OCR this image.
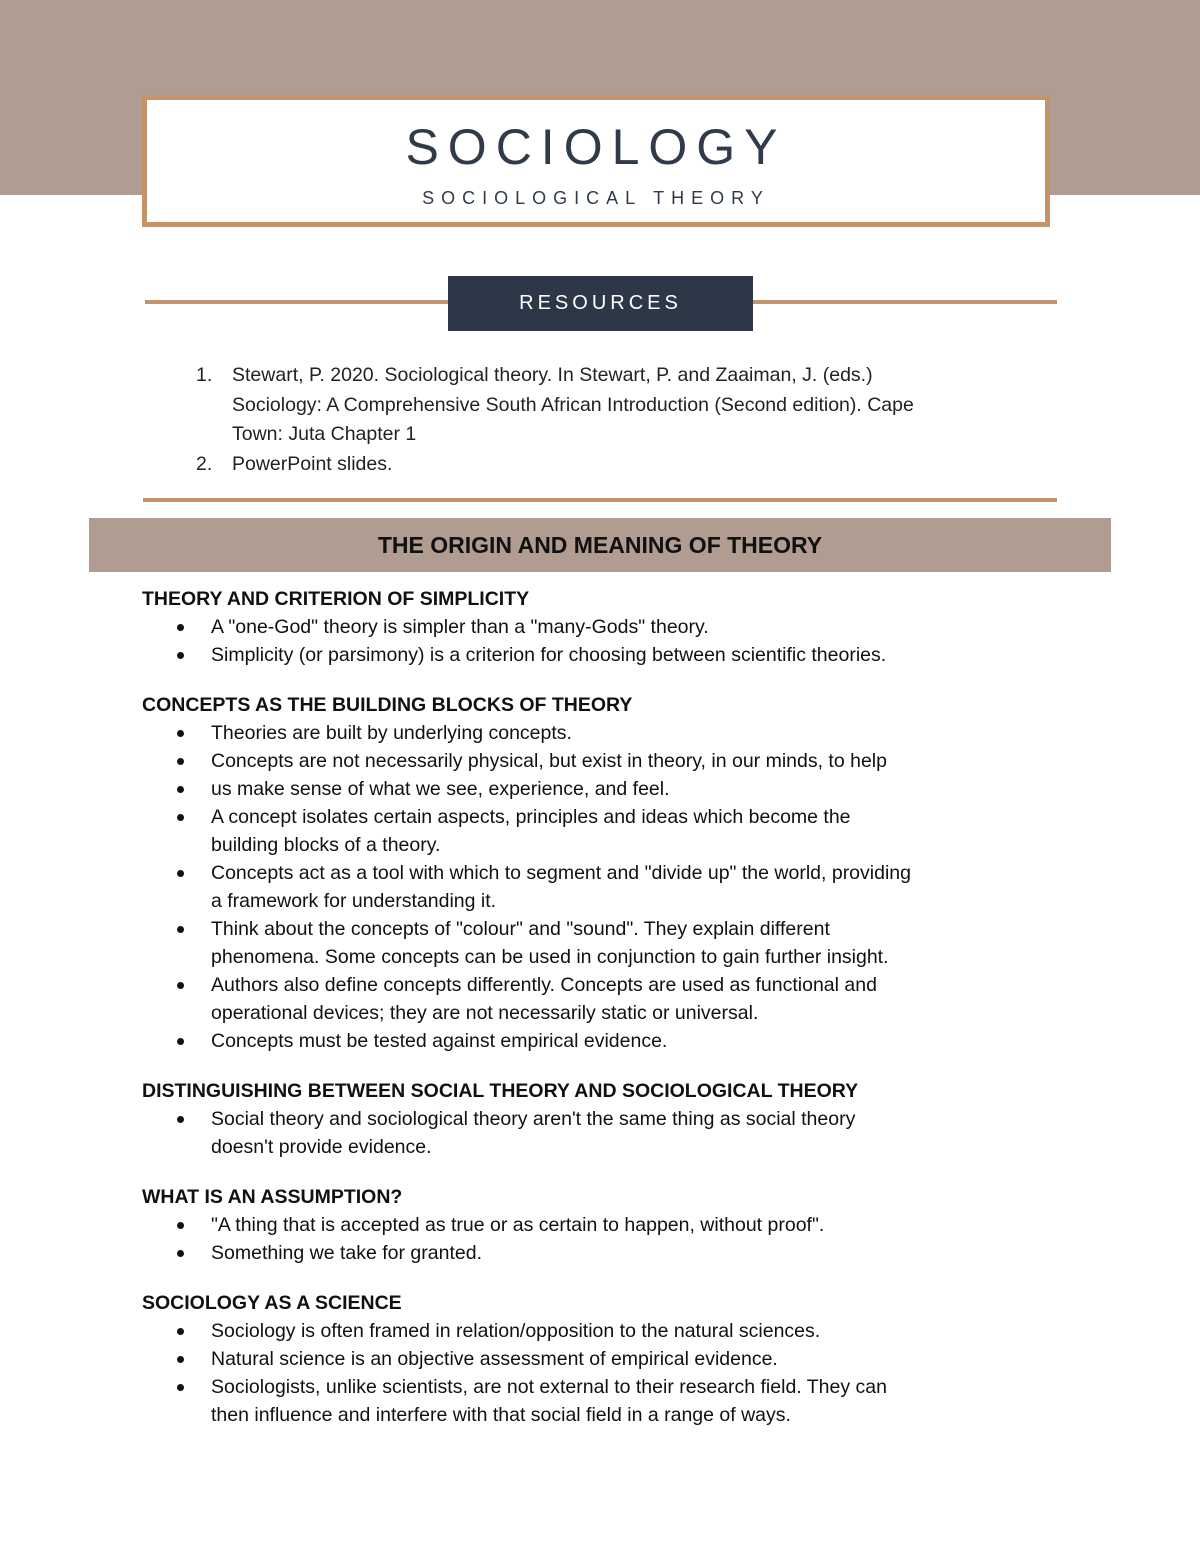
SOCIOLOGY
SOCIOLOGICAL THEORY
RESOURCES
1. Stewart, P. 2020. Sociological theory. In Stewart, P. and Zaaiman, J. (eds.)
Sociology: A Comprehensive South African Introduction (Second edition). Cape
Town: Juta Chapter 1
2. PowerPoint slides.
THE ORIGIN AND MEANING OF THEORY

THEORY AND CRITERION OF SIMPLICITY

A "one-God" theory is simpler than a "many-Gods" theory.
Simplicity (or parsimony) is a criterion for choosing between scientific theories.

CONCEPTS AS THE BUILDING BLOCKS OF THEORY

Theories are built by underlying concepts.
Concepts are not necessarily physical, but exist in theory, in our minds, to help
us make sense of what we see, experience, and feel.
A concept isolates certain aspects, principles and ideas which become the
building blocks of a theory.
Concepts act as a tool with which to segment and "divide up" the world, providing
a framework for understanding it.
Think about the concepts of "colour" and "sound". They explain different
phenomena. Some concepts can be used in conjunction to gain further insight.
Authors also define concepts differently. Concepts are used as functional and
operational devices; they are not necessarily static or universal.
Concepts must be tested against empirical evidence.

DISTINGUISHING BETWEEN SOCIAL THEORY AND SOCIOLOGICAL THEORY

Social theory and sociological theory aren't the same thing as social theory
doesn't provide evidence.

WHAT IS AN ASSUMPTION?

"A thing that is accepted as true or as certain to happen, without proof".
Something we take for granted.

SOCIOLOGY AS A SCIENCE

Sociology is often framed in relation/opposition to the natural sciences.
Natural science is an objective assessment of empirical evidence.
Sociologists, unlike scientists, are not external to their research field. They can
then influence and interfere with that social field in a range of ways.
